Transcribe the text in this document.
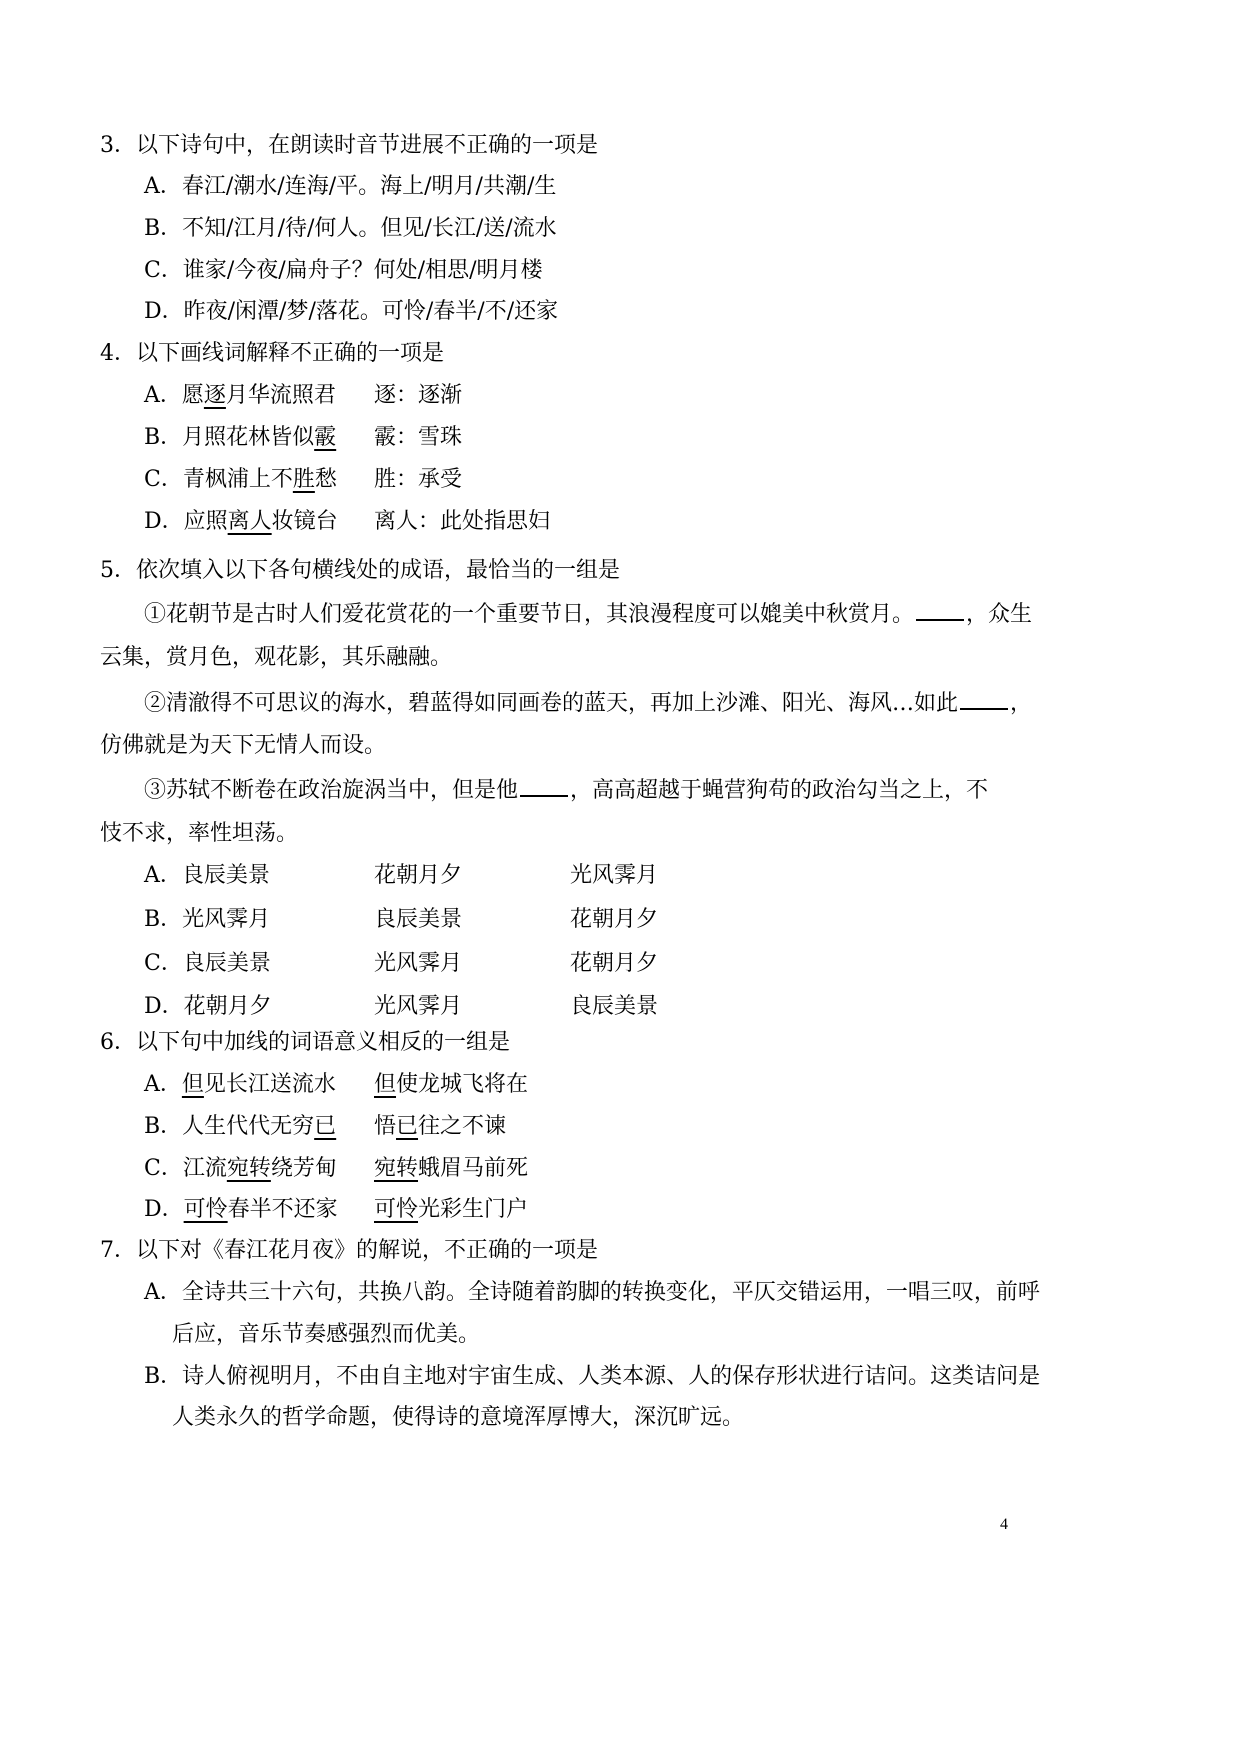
3．以下诗句中，在朗读时音节进展不正确的一项是
A．春江/潮水/连海/平。海上/明月/共潮/生
B．不知/江月/待/何人。但见/长江/送/流水
C．谁家/今夜/扁舟子？何处/相思/明月楼
D．昨夜/闲潭/梦/落花。可怜/春半/不/还家
4．以下画线词解释不正确的一项是
A．愿逐月华流照君 逐：逐渐
B．月照花林皆似霰 霰：雪珠
C．青枫浦上不胜愁 胜：承受
D．应照离人妆镜台 离人：此处指思妇
5．依次填入以下各句横线处的成语，最恰当的一组是
①花朝节是古时人们爱花赏花的一个重要节日，其浪漫程度可以媲美中秋赏月。 ，众生
云集，赏月色，观花影，其乐融融。
②清澈得不可思议的海水，碧蓝得如同画卷的蓝天，再加上沙滩、阳光、海风…如此 ，
仿佛就是为天下无情人而设。
③苏轼不断卷在政治旋涡当中，但是他 ，高高超越于蝇营狗苟的政治勾当之上，不
忮不求，率性坦荡。
A．良辰美景	花朝月夕	光风霁月
B．光风霁月	良辰美景	花朝月夕
C．良辰美景	光风霁月	花朝月夕
D．花朝月夕	光风霁月	良辰美景
6．以下句中加线的词语意义相反的一组是
A．但见长江送流水 但使龙城飞将在
B．人生代代无穷已 悟已往之不谏
C．江流宛转绕芳甸 宛转蛾眉马前死
D．可怜春半不还家 可怜光彩生门户
7．以下对《春江花月夜》的解说，不正确的一项是
A．全诗共三十六句，共换八韵。全诗随着韵脚的转换变化，平仄交错运用，一唱三叹，前呼
后应，音乐节奏感强烈而优美。
B．诗人俯视明月，不由自主地对宇宙生成、人类本源、人的保存形状进行诘问。这类诘问是
人类永久的哲学命题，使得诗的意境浑厚博大，深沉旷远。
4
